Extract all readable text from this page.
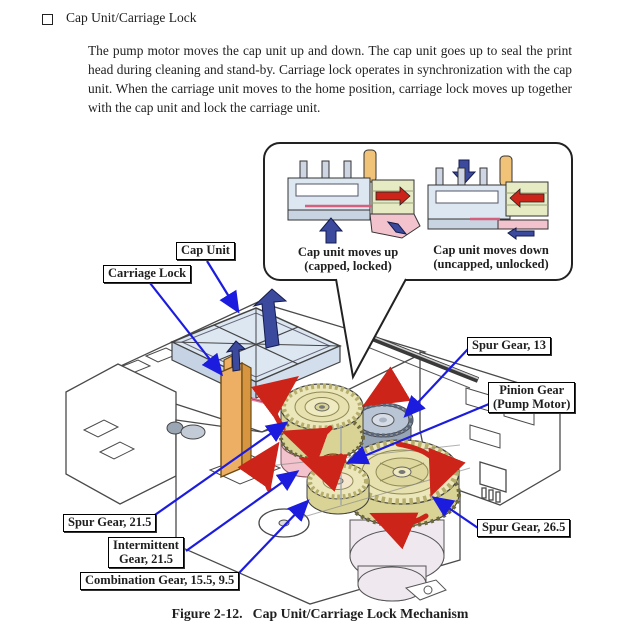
Cap Unit/Carriage Lock
The pump motor moves the cap unit up and down. The cap unit goes up to seal the print head during cleaning and stand-by. Carriage lock operates in synchronization with the cap unit. When the carriage unit moves to the home position, carriage lock moves up together with the cap unit and lock the carriage unit.
Cap unit moves up
(capped, locked)
Cap unit moves down
(uncapped, unlocked)
Cap Unit
Carriage Lock
Spur Gear, 13
Pinion Gear
(Pump Motor)
Spur Gear, 21.5
Intermittent
Gear, 21.5
Combination Gear, 15.5, 9.5
Spur Gear, 26.5
Figure 2-12. Cap Unit/Carriage Lock Mechanism
